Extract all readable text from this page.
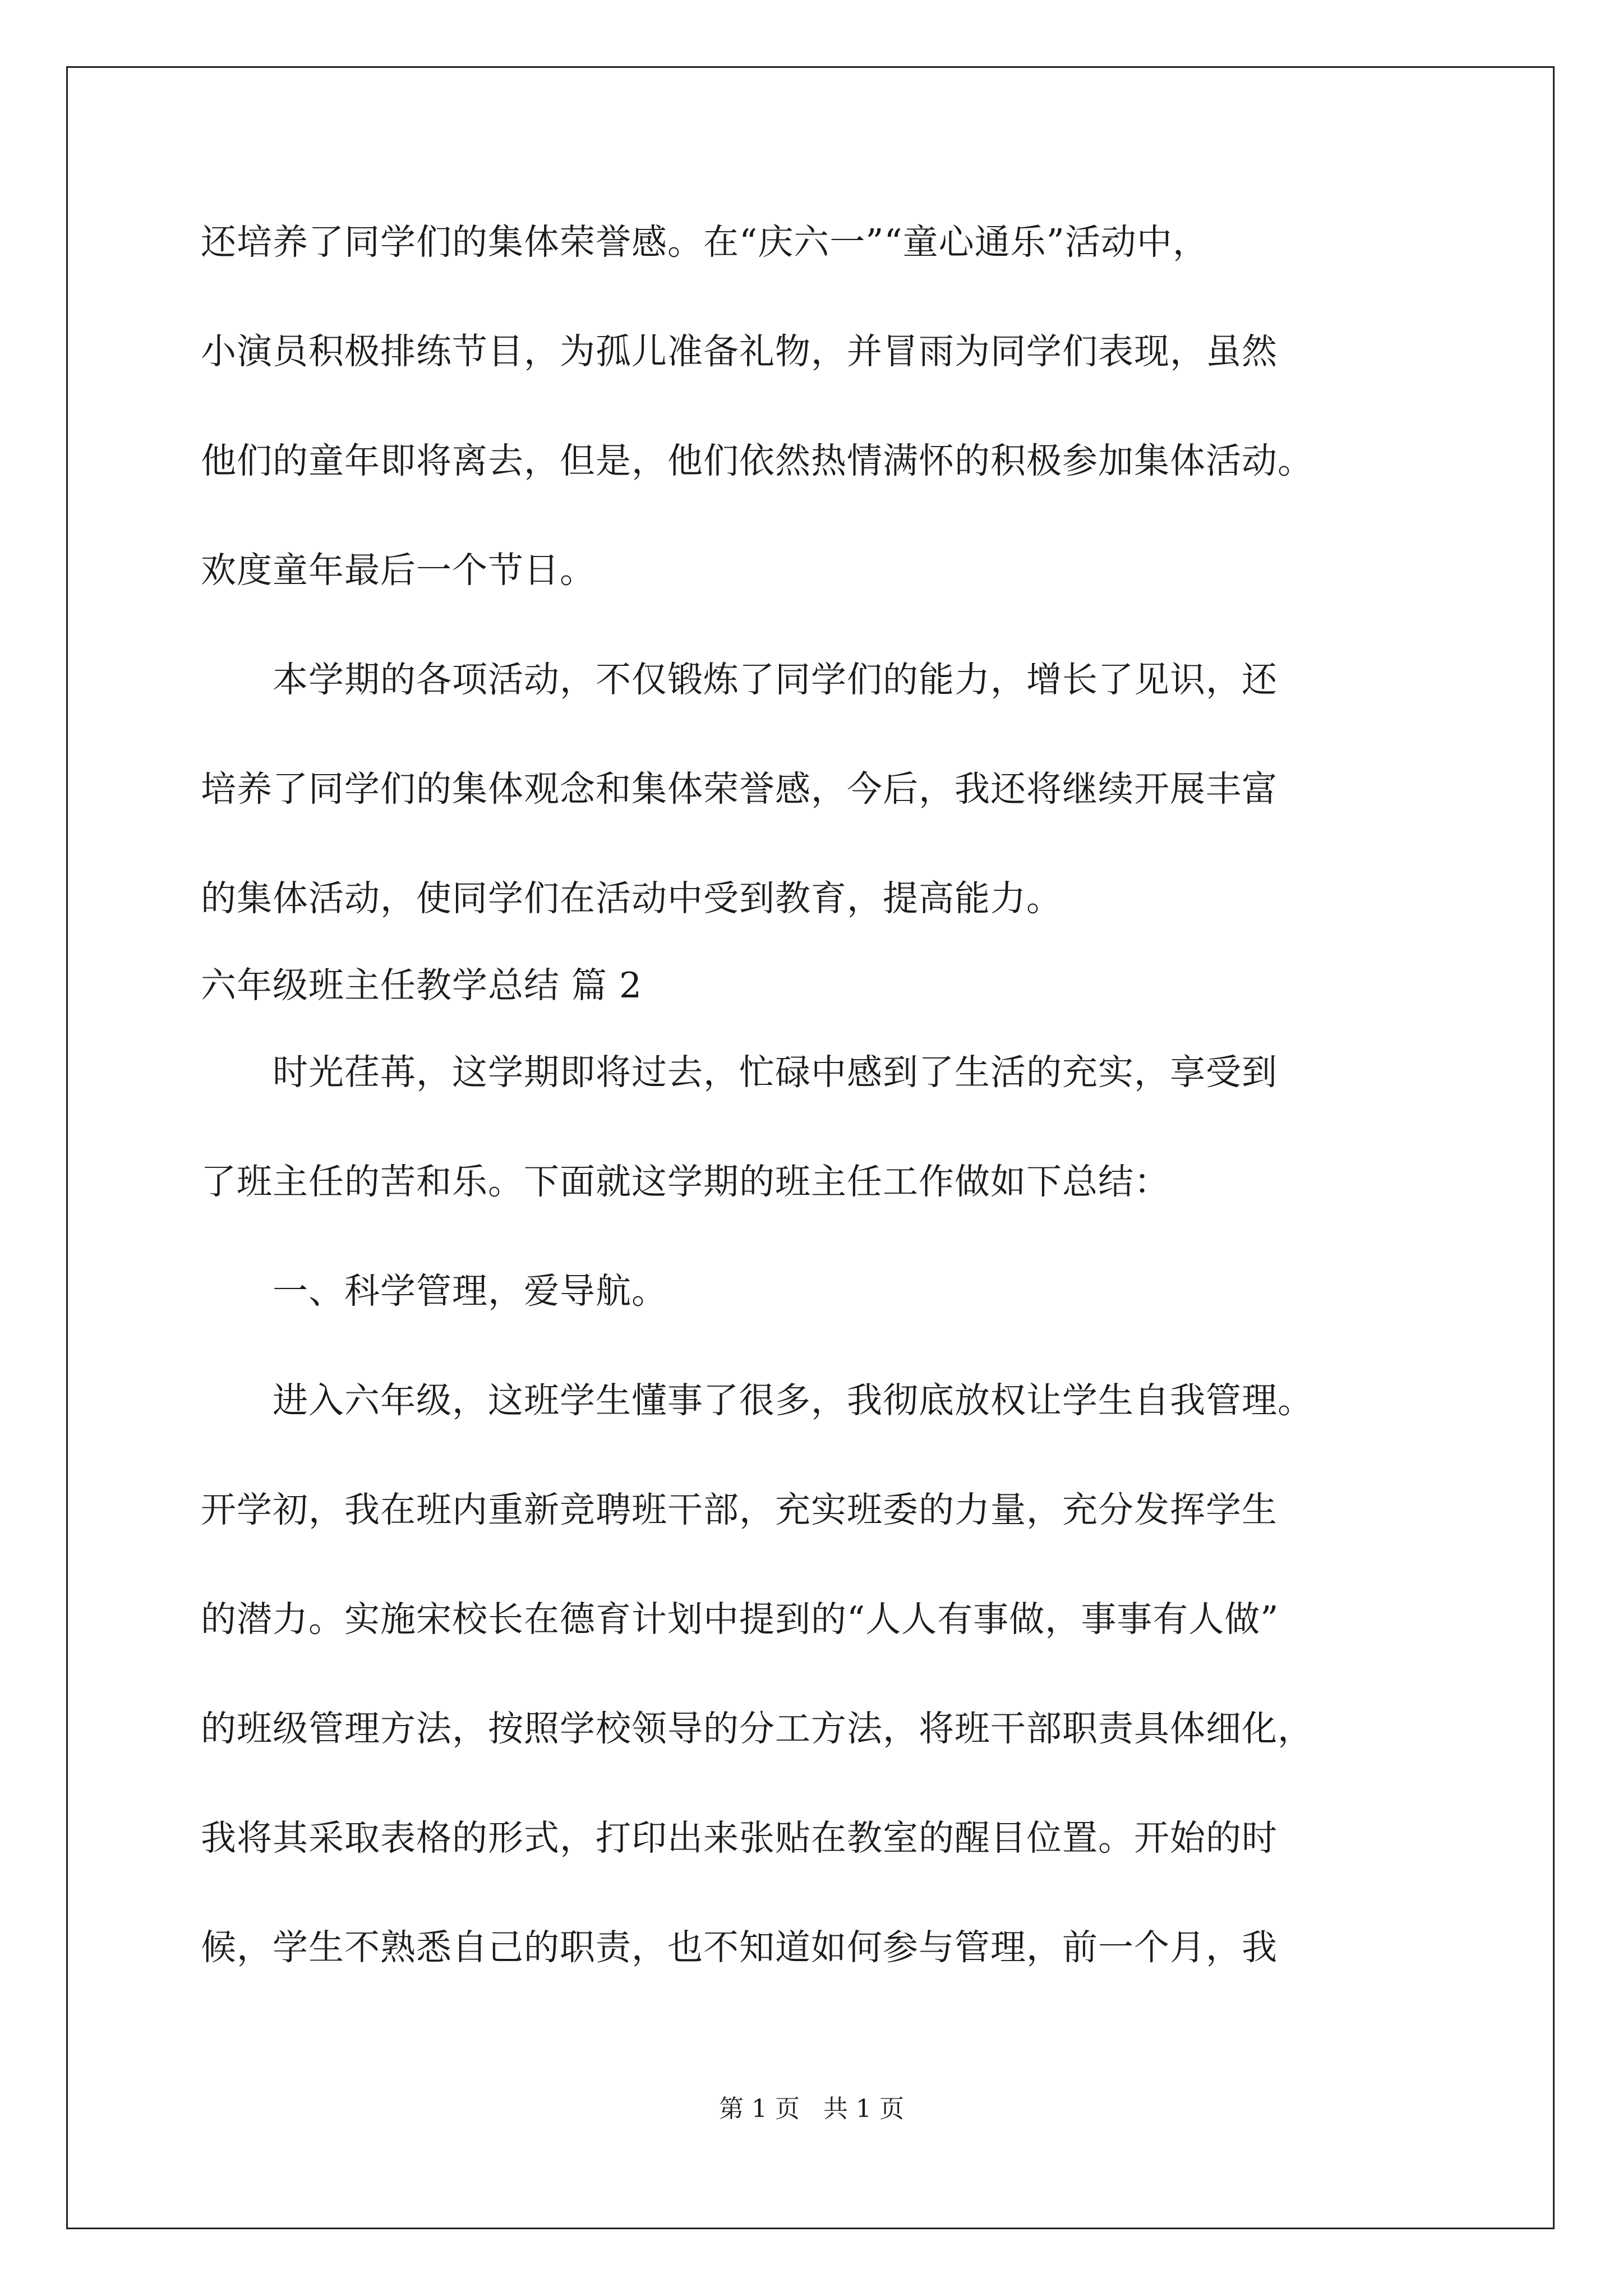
还培养了同学们的集体荣誉感。在“庆六一”“童心通乐”活动中，
小演员积极排练节目，为孤儿准备礼物，并冒雨为同学们表现，虽然
他们的童年即将离去，但是，他们依然热情满怀的积极参加集体活动。
欢度童年最后一个节日。
　　本学期的各项活动，不仅锻炼了同学们的能力，增长了见识，还
培养了同学们的集体观念和集体荣誉感，今后，我还将继续开展丰富
的集体活动，使同学们在活动中受到教育，提高能力。
六年级班主任教学总结 篇 2
　　时光荏苒，这学期即将过去，忙碌中感到了生活的充实，享受到
了班主任的苦和乐。下面就这学期的班主任工作做如下总结：
　　一、科学管理，爱导航。
　　进入六年级，这班学生懂事了很多，我彻底放权让学生自我管理。
开学初，我在班内重新竞聘班干部，充实班委的力量，充分发挥学生
的潜力。实施宋校长在德育计划中提到的“人人有事做，事事有人做”
的班级管理方法，按照学校领导的分工方法，将班干部职责具体细化，
我将其采取表格的形式，打印出来张贴在教室的醒目位置。开始的时
候，学生不熟悉自己的职责，也不知道如何参与管理，前一个月，我
第 1 页   共 1 页
